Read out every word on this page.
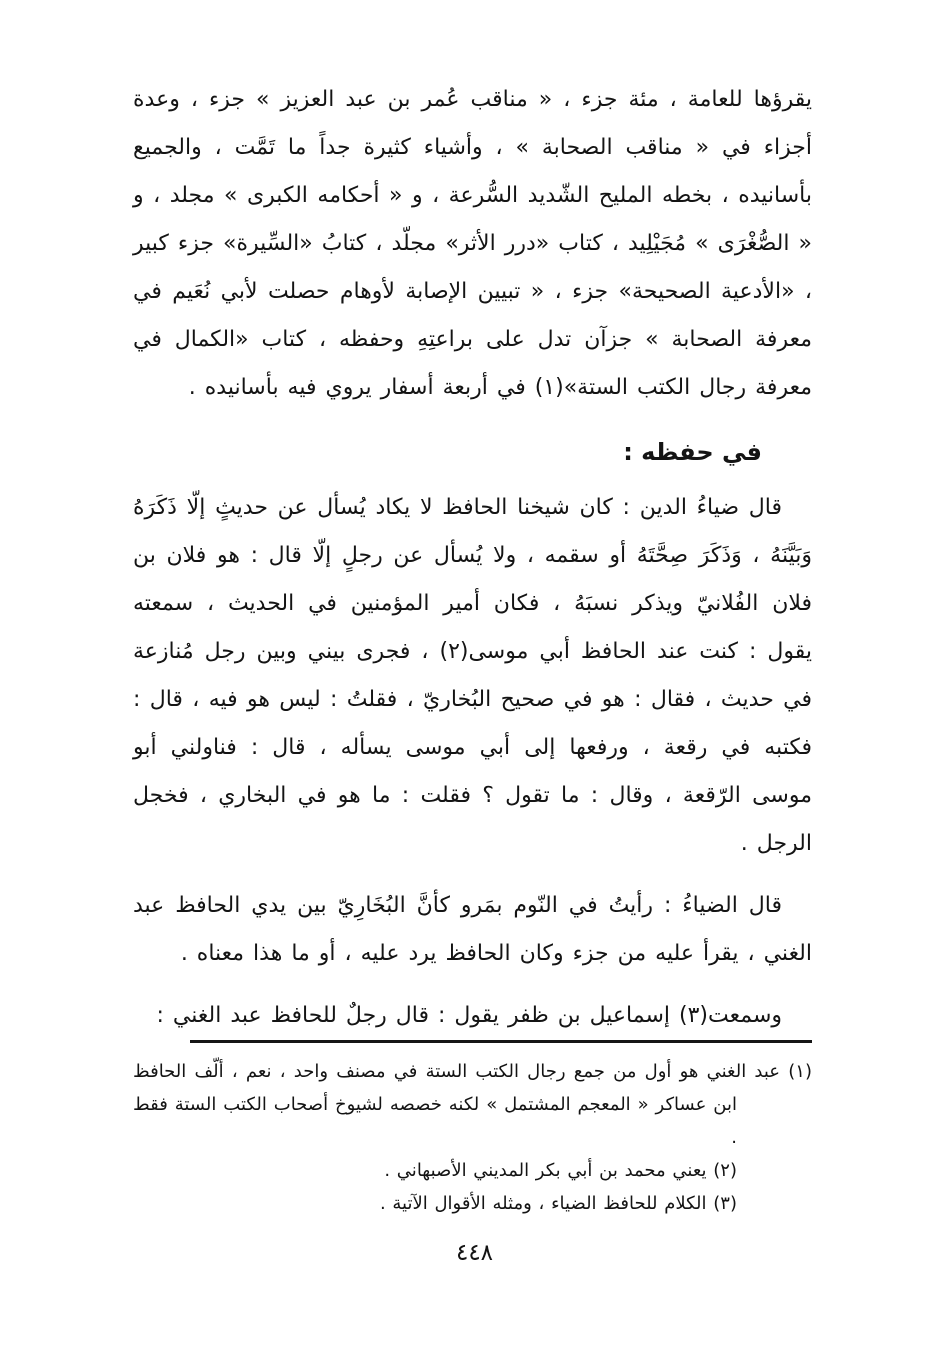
يقرؤها للعامة ، مئة جزء ، « مناقب عُمر بن عبد العزيز » جزء ، وعدة أجزاء في « مناقب الصحابة » ، وأشياء كثيرة جداً ما تَمَّت ، والجميع بأسانيده ، بخطه المليح الشّديد السُّرعة ، و « أحكامه الكبرى » مجلد ، و « الصُّغْرَى » مُجَيْلِيد ، كتاب «درر الأثر» مجلّد ، كتابُ «السِّيرة» جزء كبير ، «الأدعية الصحيحة» جزء ، « تبيين الإصابة لأوهام حصلت لأبي نُعَيم في معرفة الصحابة » جزآن تدل على براعتِهِ وحفظه ، كتاب «الكمال في معرفة رجال الكتب الستة»(١) في أربعة أسفار يروي فيه بأسانيده .

في حفظه :

قال ضياءُ الدين : كان شيخنا الحافظ لا يكاد يُسأل عن حديثٍ إلّا ذَكَرَهُ وَبَيَّنَهُ ، وَذَكَرَ صِحَّتَهُ أو سقمه ، ولا يُسأل عن رجلٍ إلّا قال : هو فلان بن فلان الفُلانيّ ويذكر نسبَهُ ، فكان أمير المؤمنين في الحديث ، سمعته يقول : كنت عند الحافظ أبي موسى(٢) ، فجرى بيني وبين رجل مُنازعة في حديث ، فقال : هو في صحيح البُخاريّ ، فقلتُ : ليس هو فيه ، قال : فكتبه في رقعة ، ورفعها إلى أبي موسى يسأله ، قال : فناولني أبو موسى الرّقعة ، وقال : ما تقول ؟ فقلت : ما هو في البخاري ، فخجل الرجل .

قال الضياءُ : رأيتُ في النّوم بمَرو كأنَّ البُخَارِيّ بين يدي الحافظ عبد الغني ، يقرأ عليه من جزء وكان الحافظ يرد عليه ، أو ما هذا معناه .

وسمعت(٣) إسماعيل بن ظفر يقول : قال رجلٌ للحافظ عبد الغني :

(١) عبد الغني هو أول من جمع رجال الكتب الستة في مصنف واحد ، نعم ، ألّف الحافظ ابن عساكر « المعجم المشتمل » لكنه خصصه لشيوخ أصحاب الكتب الستة فقط .

(٢) يعني محمد بن أبي بكر المديني الأصبهاني .

(٣) الكلام للحافظ الضياء ، ومثله الأقوال الآتية .

٤٤٨
